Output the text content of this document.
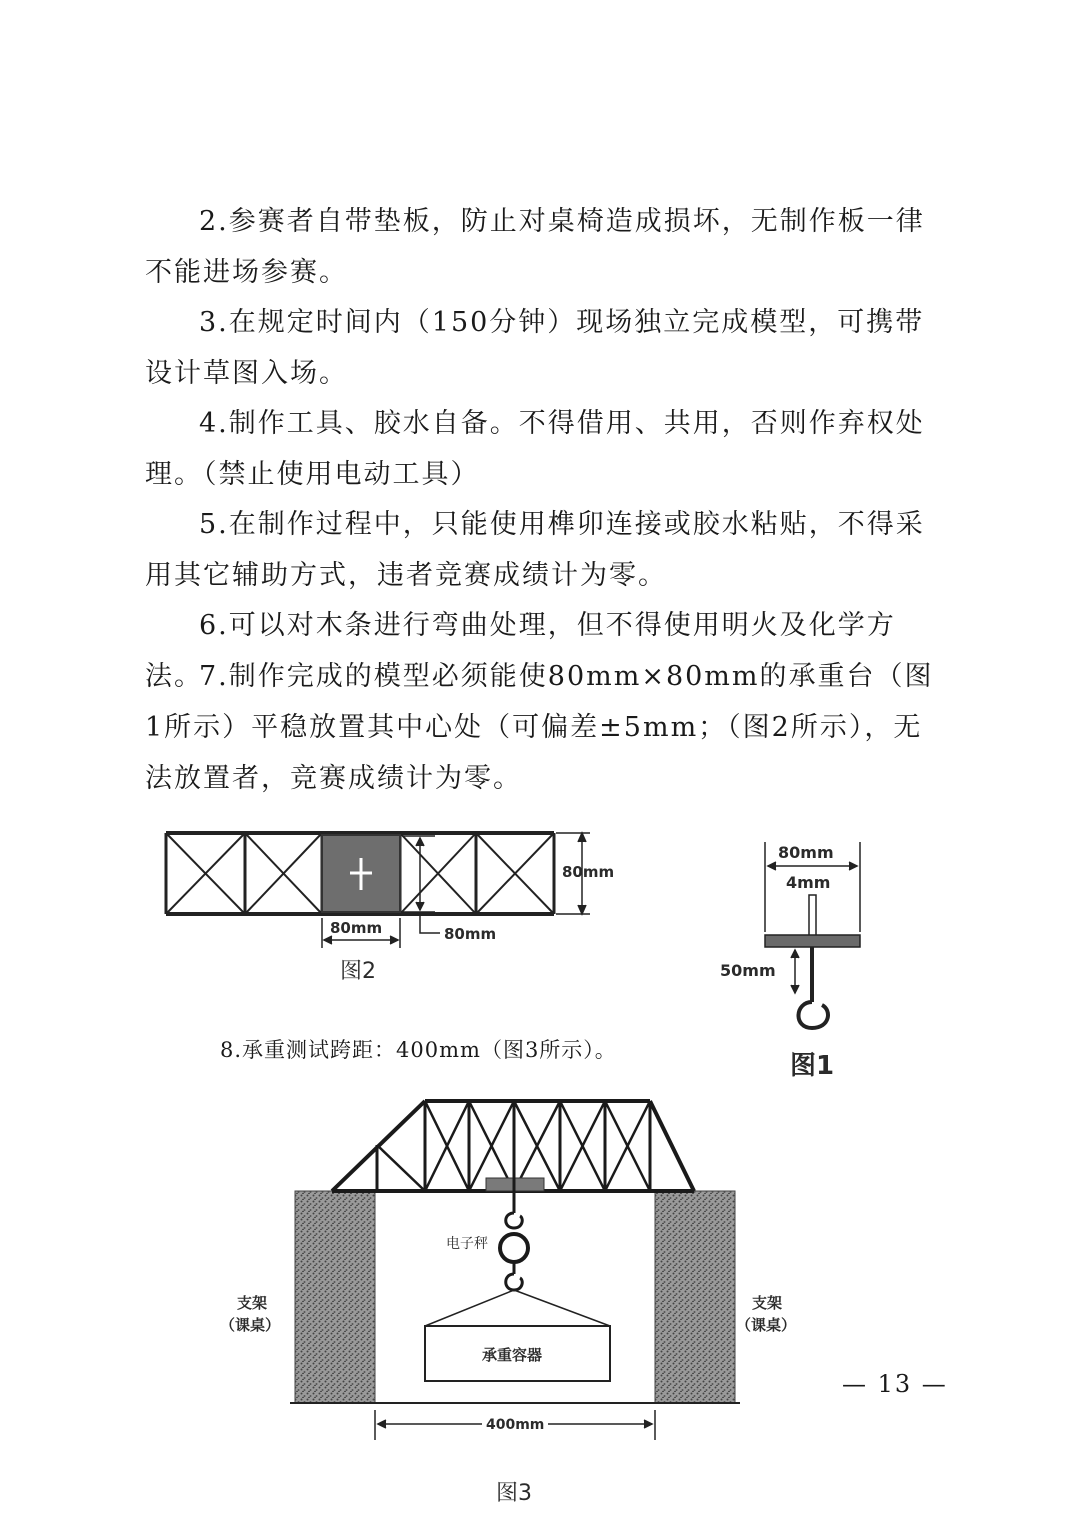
2.参赛者自带垫板，防止对桌椅造成损坏，无制作板一律不能进场参赛。

3.在规定时间内（150分钟）现场独立完成模型，可携带设计草图入场。

4.制作工具、胶水自备。不得借用、共用，否则作弃权处理。（禁止使用电动工具）

5.在制作过程中，只能使用榫卯连接或胶水粘贴，不得采用其它辅助方式，违者竞赛成绩计为零。

6.可以对木条进行弯曲处理，但不得使用明火及化学方法。

7.制作完成的模型必须能使80mm×80mm的承重台（图1所示）平稳放置其中心处（可偏差±5mm；（图2所示），无法放置者，竞赛成绩计为零。

8.承重测试跨距：400mm（图3所示）。
— 13 —
80mm
80mm	80mm
图2
80mm
4mm
50mm
图1
电子秤
支架
（课桌）
支架
（课桌）
承重容器
400mm
图3
